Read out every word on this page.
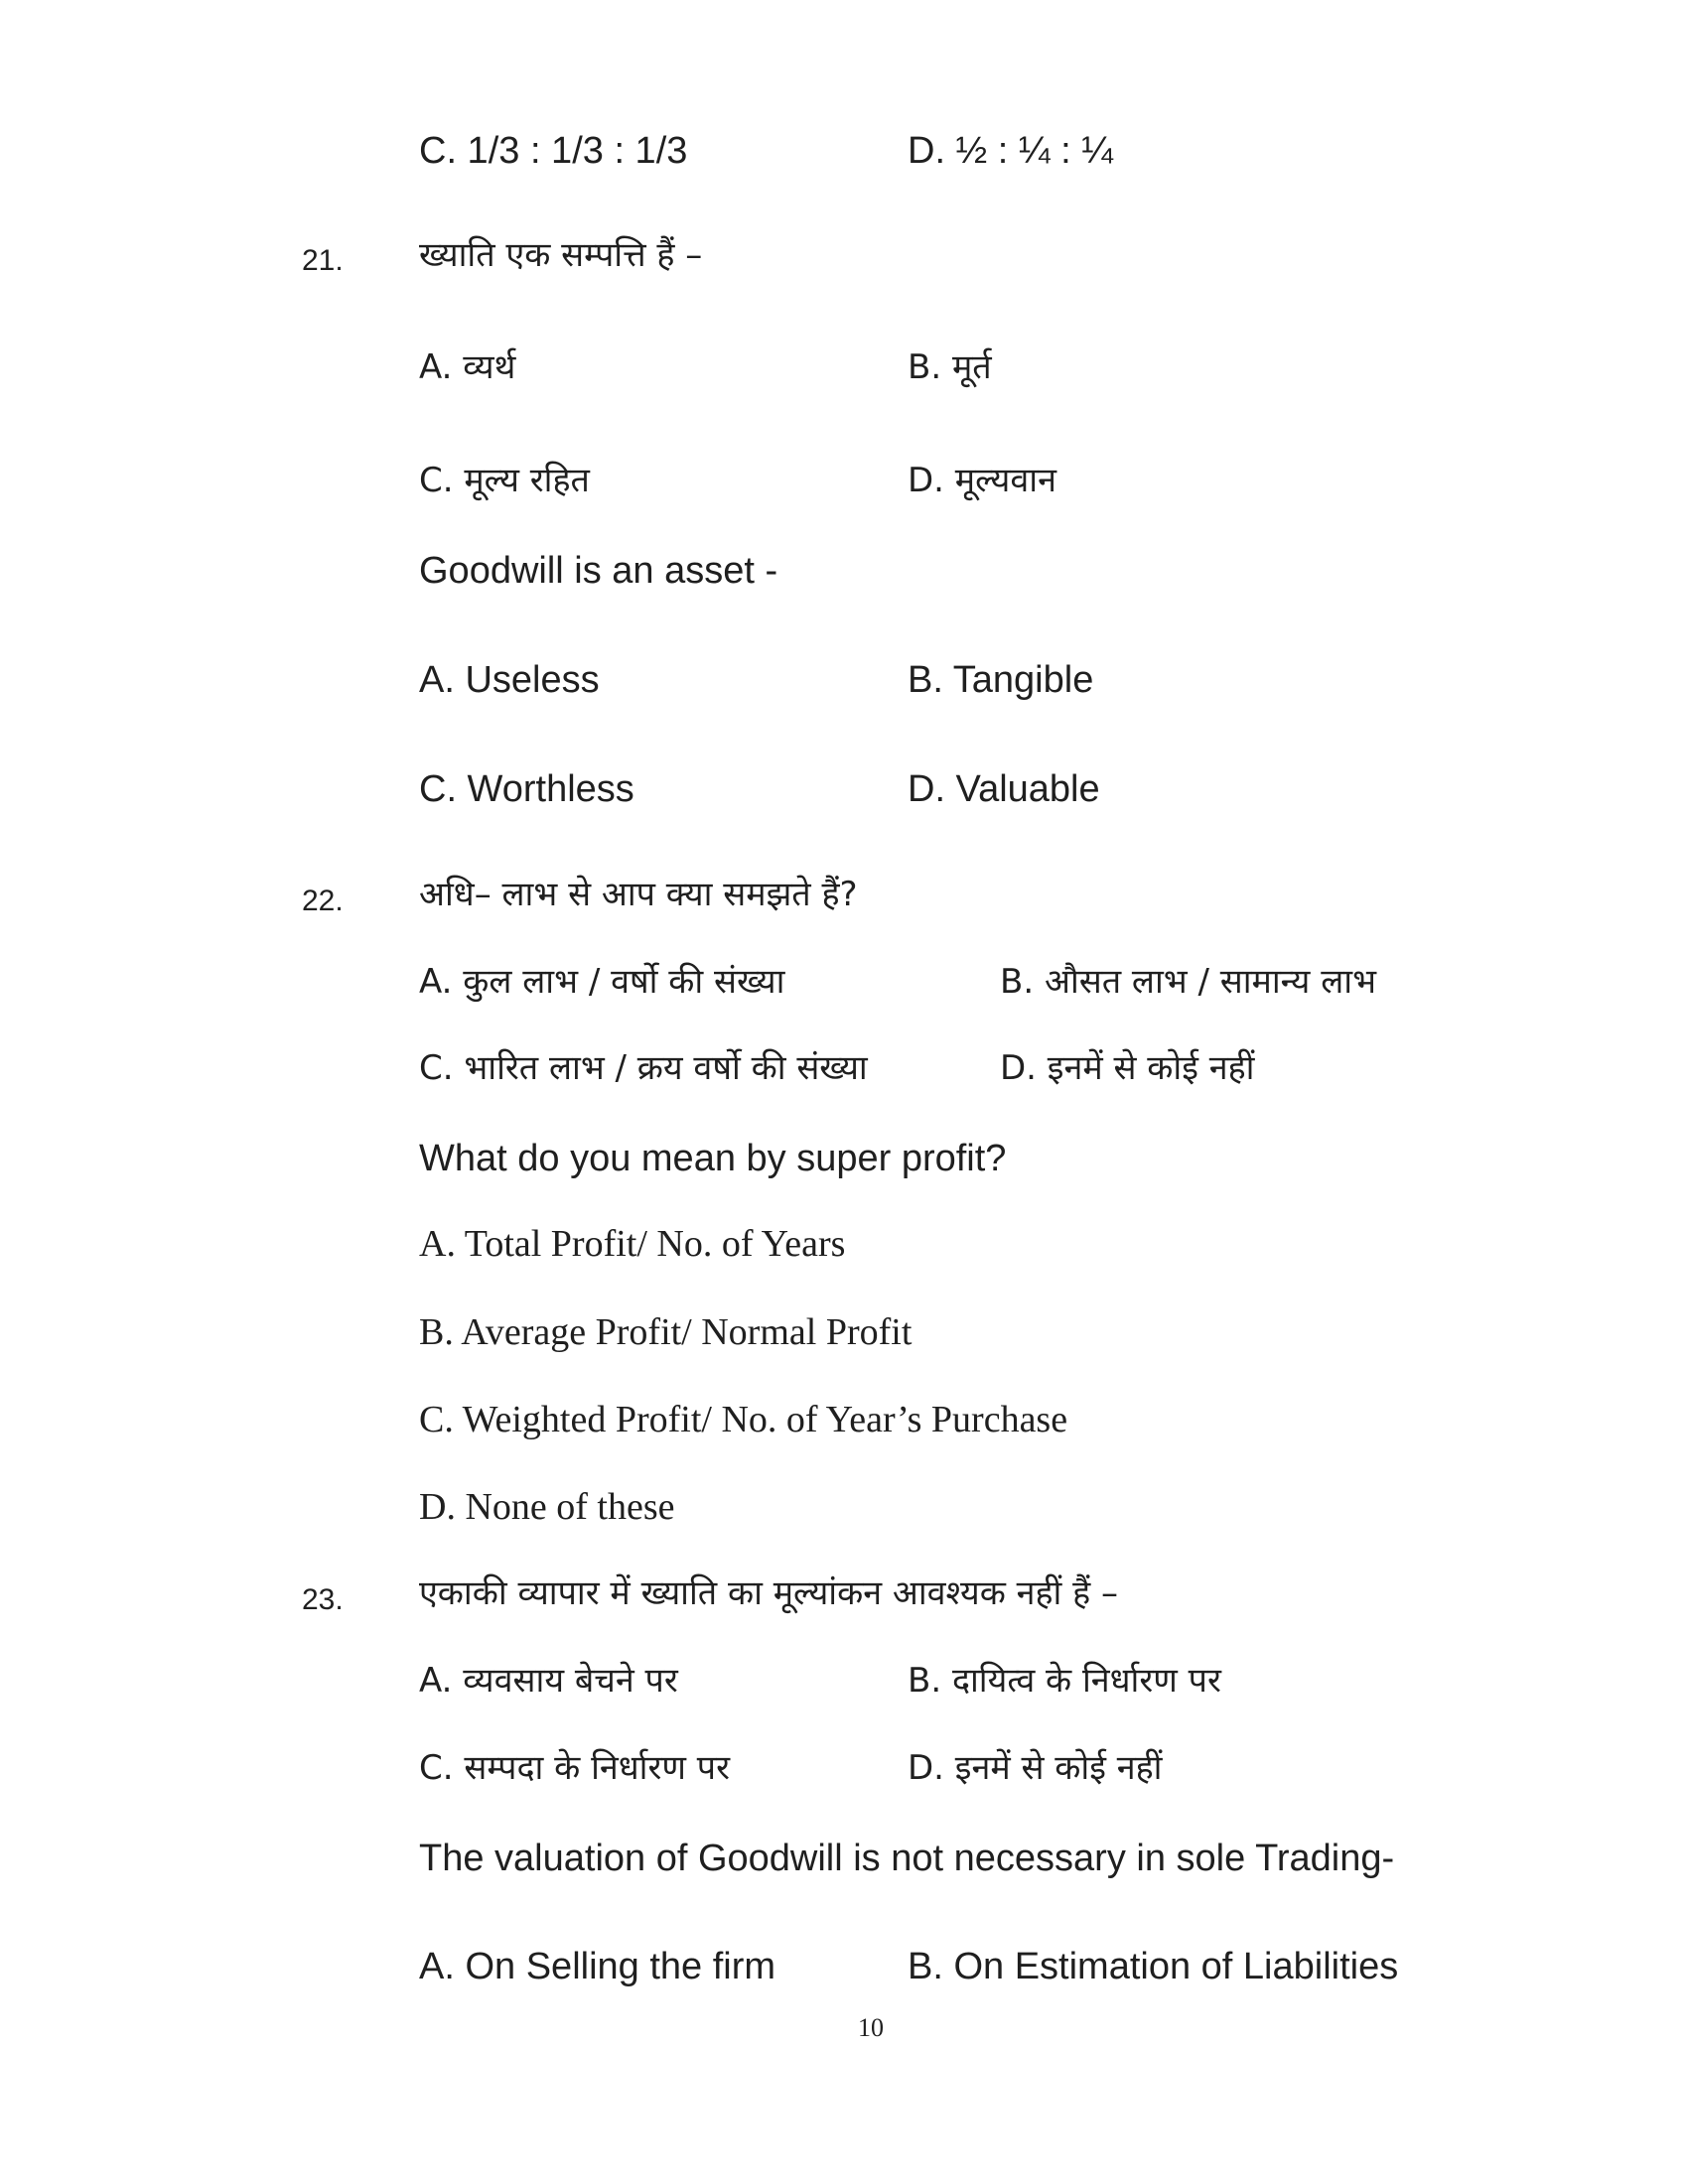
C. 1/3 : 1/3 : 1/3	D. ½ : ¼ : ¼
21. ख्याति एक सम्पत्ति हैं –
A. व्यर्थ	B. मूर्त
C. मूल्य रहित	D. मूल्यवान
Goodwill is an asset -
A. Useless	B. Tangible
C. Worthless	D. Valuable
22. अधि– लाभ से आप क्या समझते हैं?
A. कुल लाभ / वर्षो की संख्या	B. औसत लाभ / सामान्य लाभ
C. भारित लाभ / क्रय वर्षो की संख्या	D. इनमें से कोई नहीं
What do you mean by super profit?
A. Total Profit/ No. of Years
B. Average Profit/ Normal Profit
C. Weighted Profit/ No. of Year’s Purchase
D. None of these
23. एकाकी व्यापार में ख्याति का मूल्यांकन आवश्यक नहीं हैं –
A. व्यवसाय बेचने पर	B. दायित्व के निर्धारण पर
C. सम्पदा के निर्धारण पर	D. इनमें से कोई नहीं
The valuation of Goodwill is not necessary in sole Trading-
A. On Selling the firm	B. On Estimation of Liabilities
10
